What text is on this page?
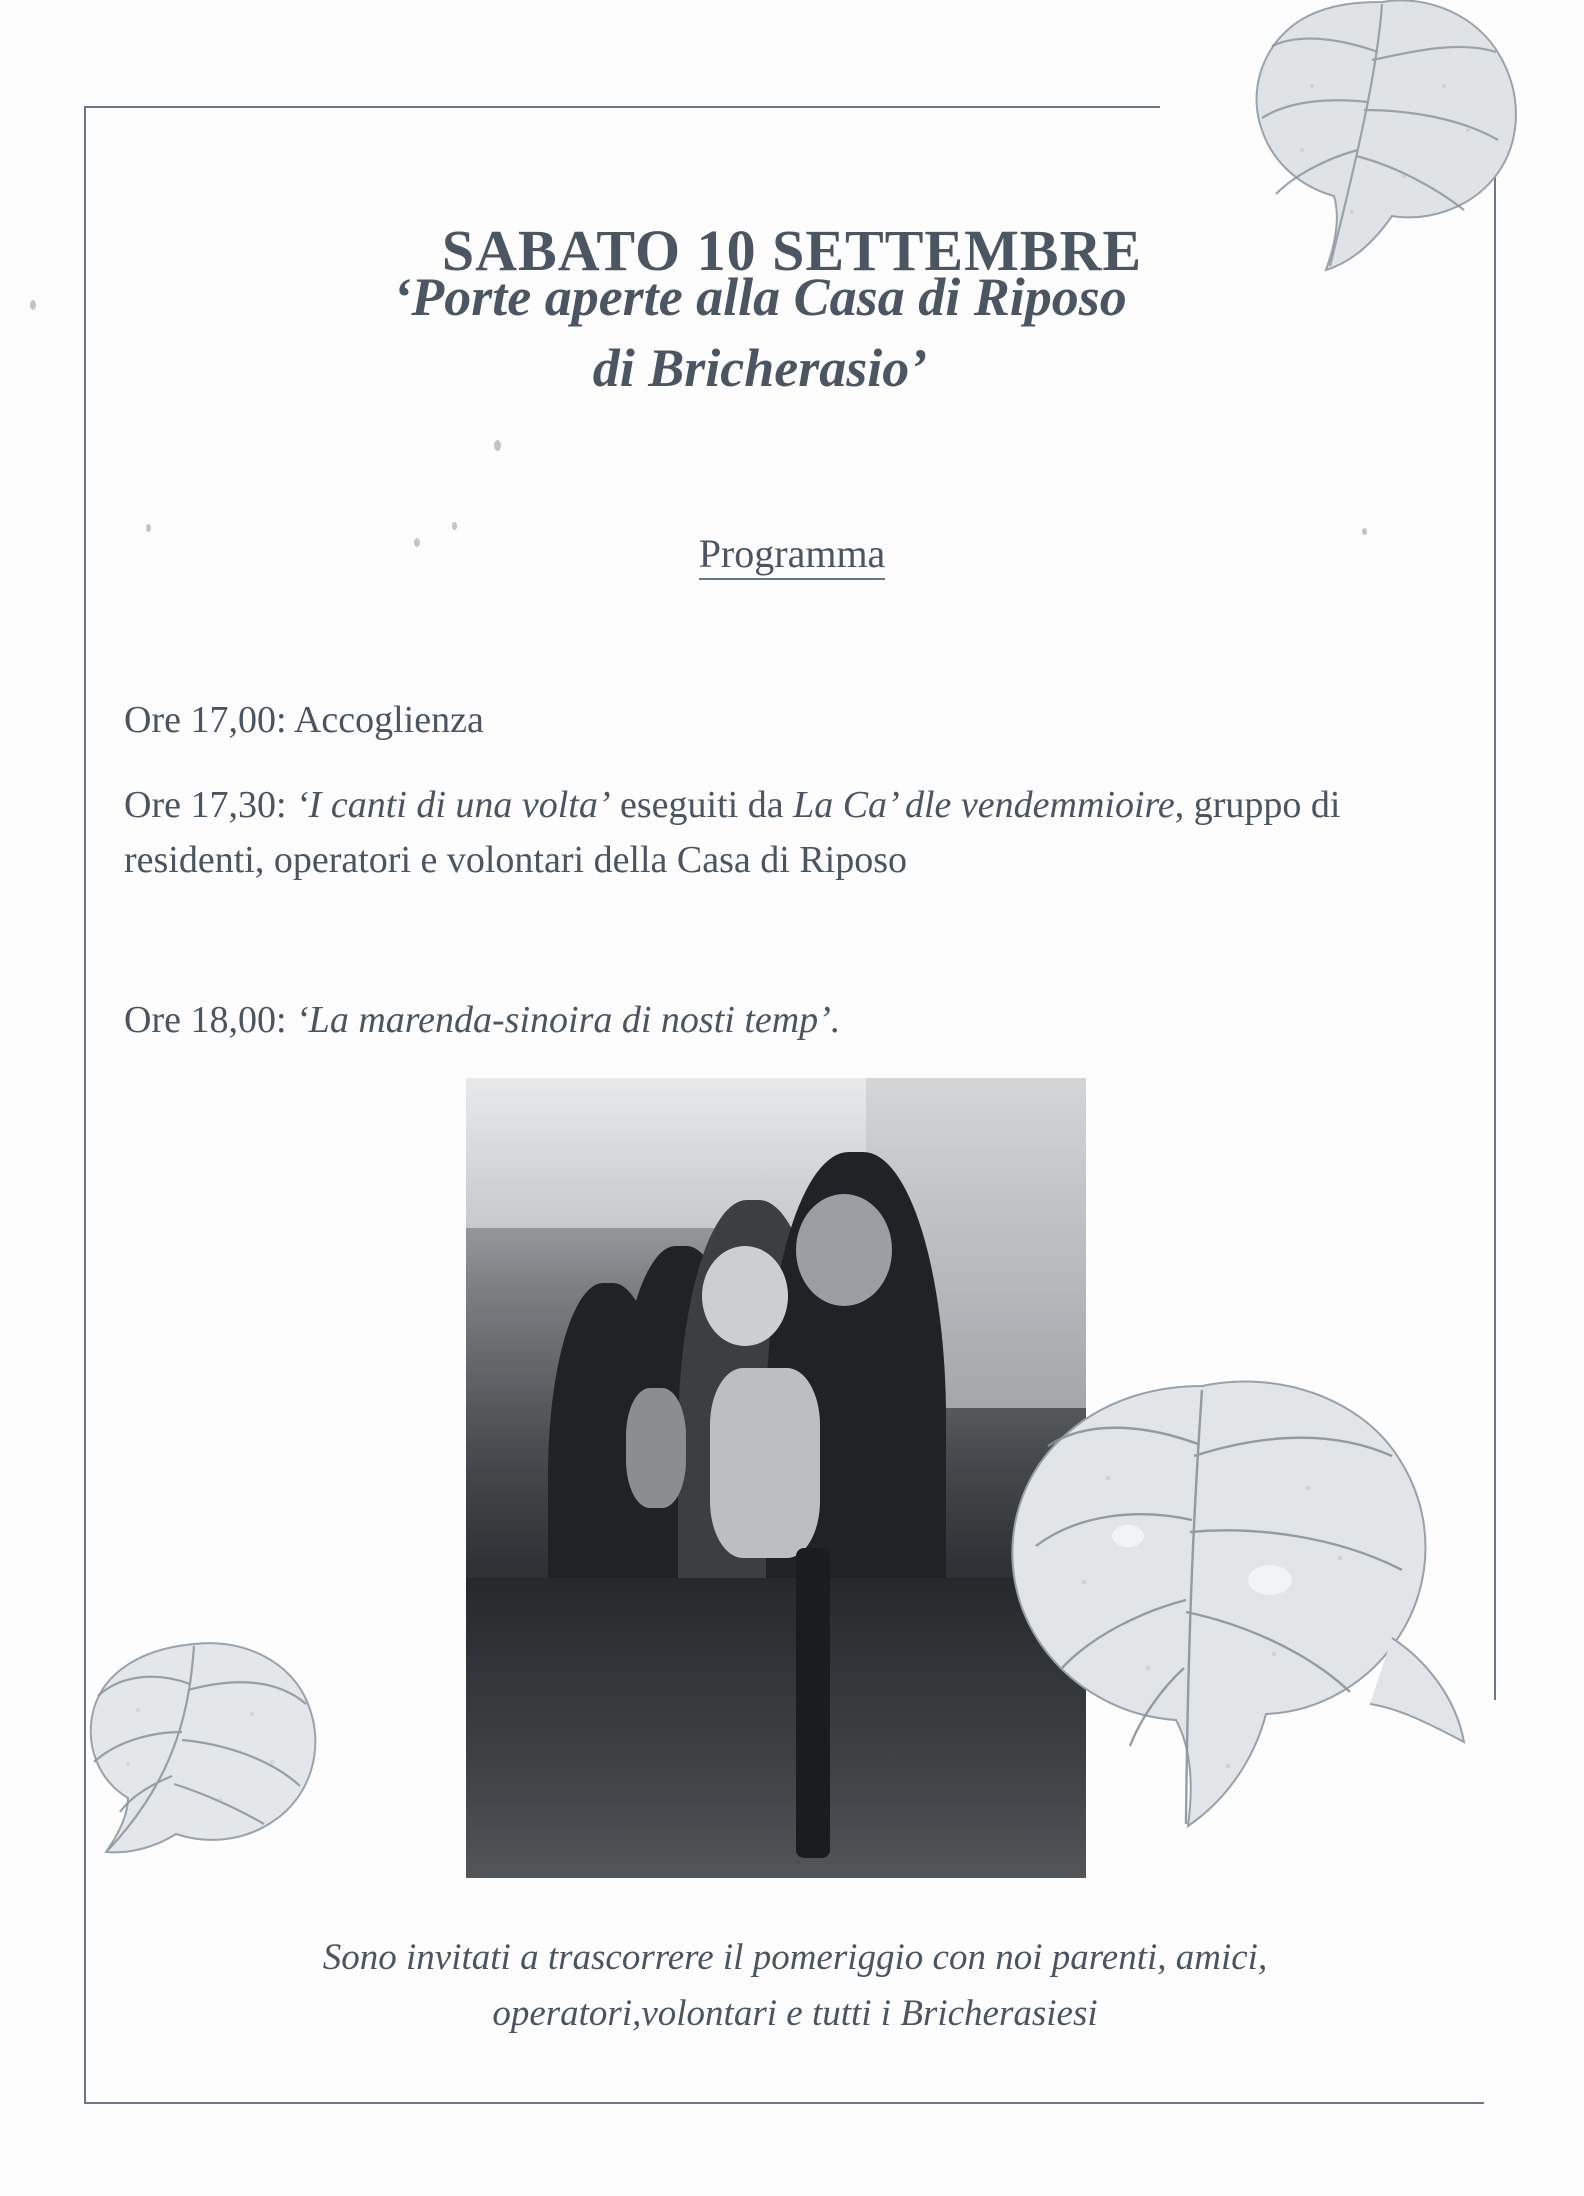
SABATO 10 SETTEMBRE
‘Porte aperte alla Casa di Riposo
di Bricherasio’
Programma

Ore 17,00: Accoglienza

Ore 17,30: ‘I canti di una volta’ eseguiti da La Ca’ dle vendemmioire, gruppo di residenti, operatori e volontari della Casa di Riposo

Ore 18,00: ‘La marenda-sinoira di nosti temp’.

Sono invitati a trascorrere il pomeriggio con noi parenti, amici,
operatori,volontari e tutti i Bricherasiesi
